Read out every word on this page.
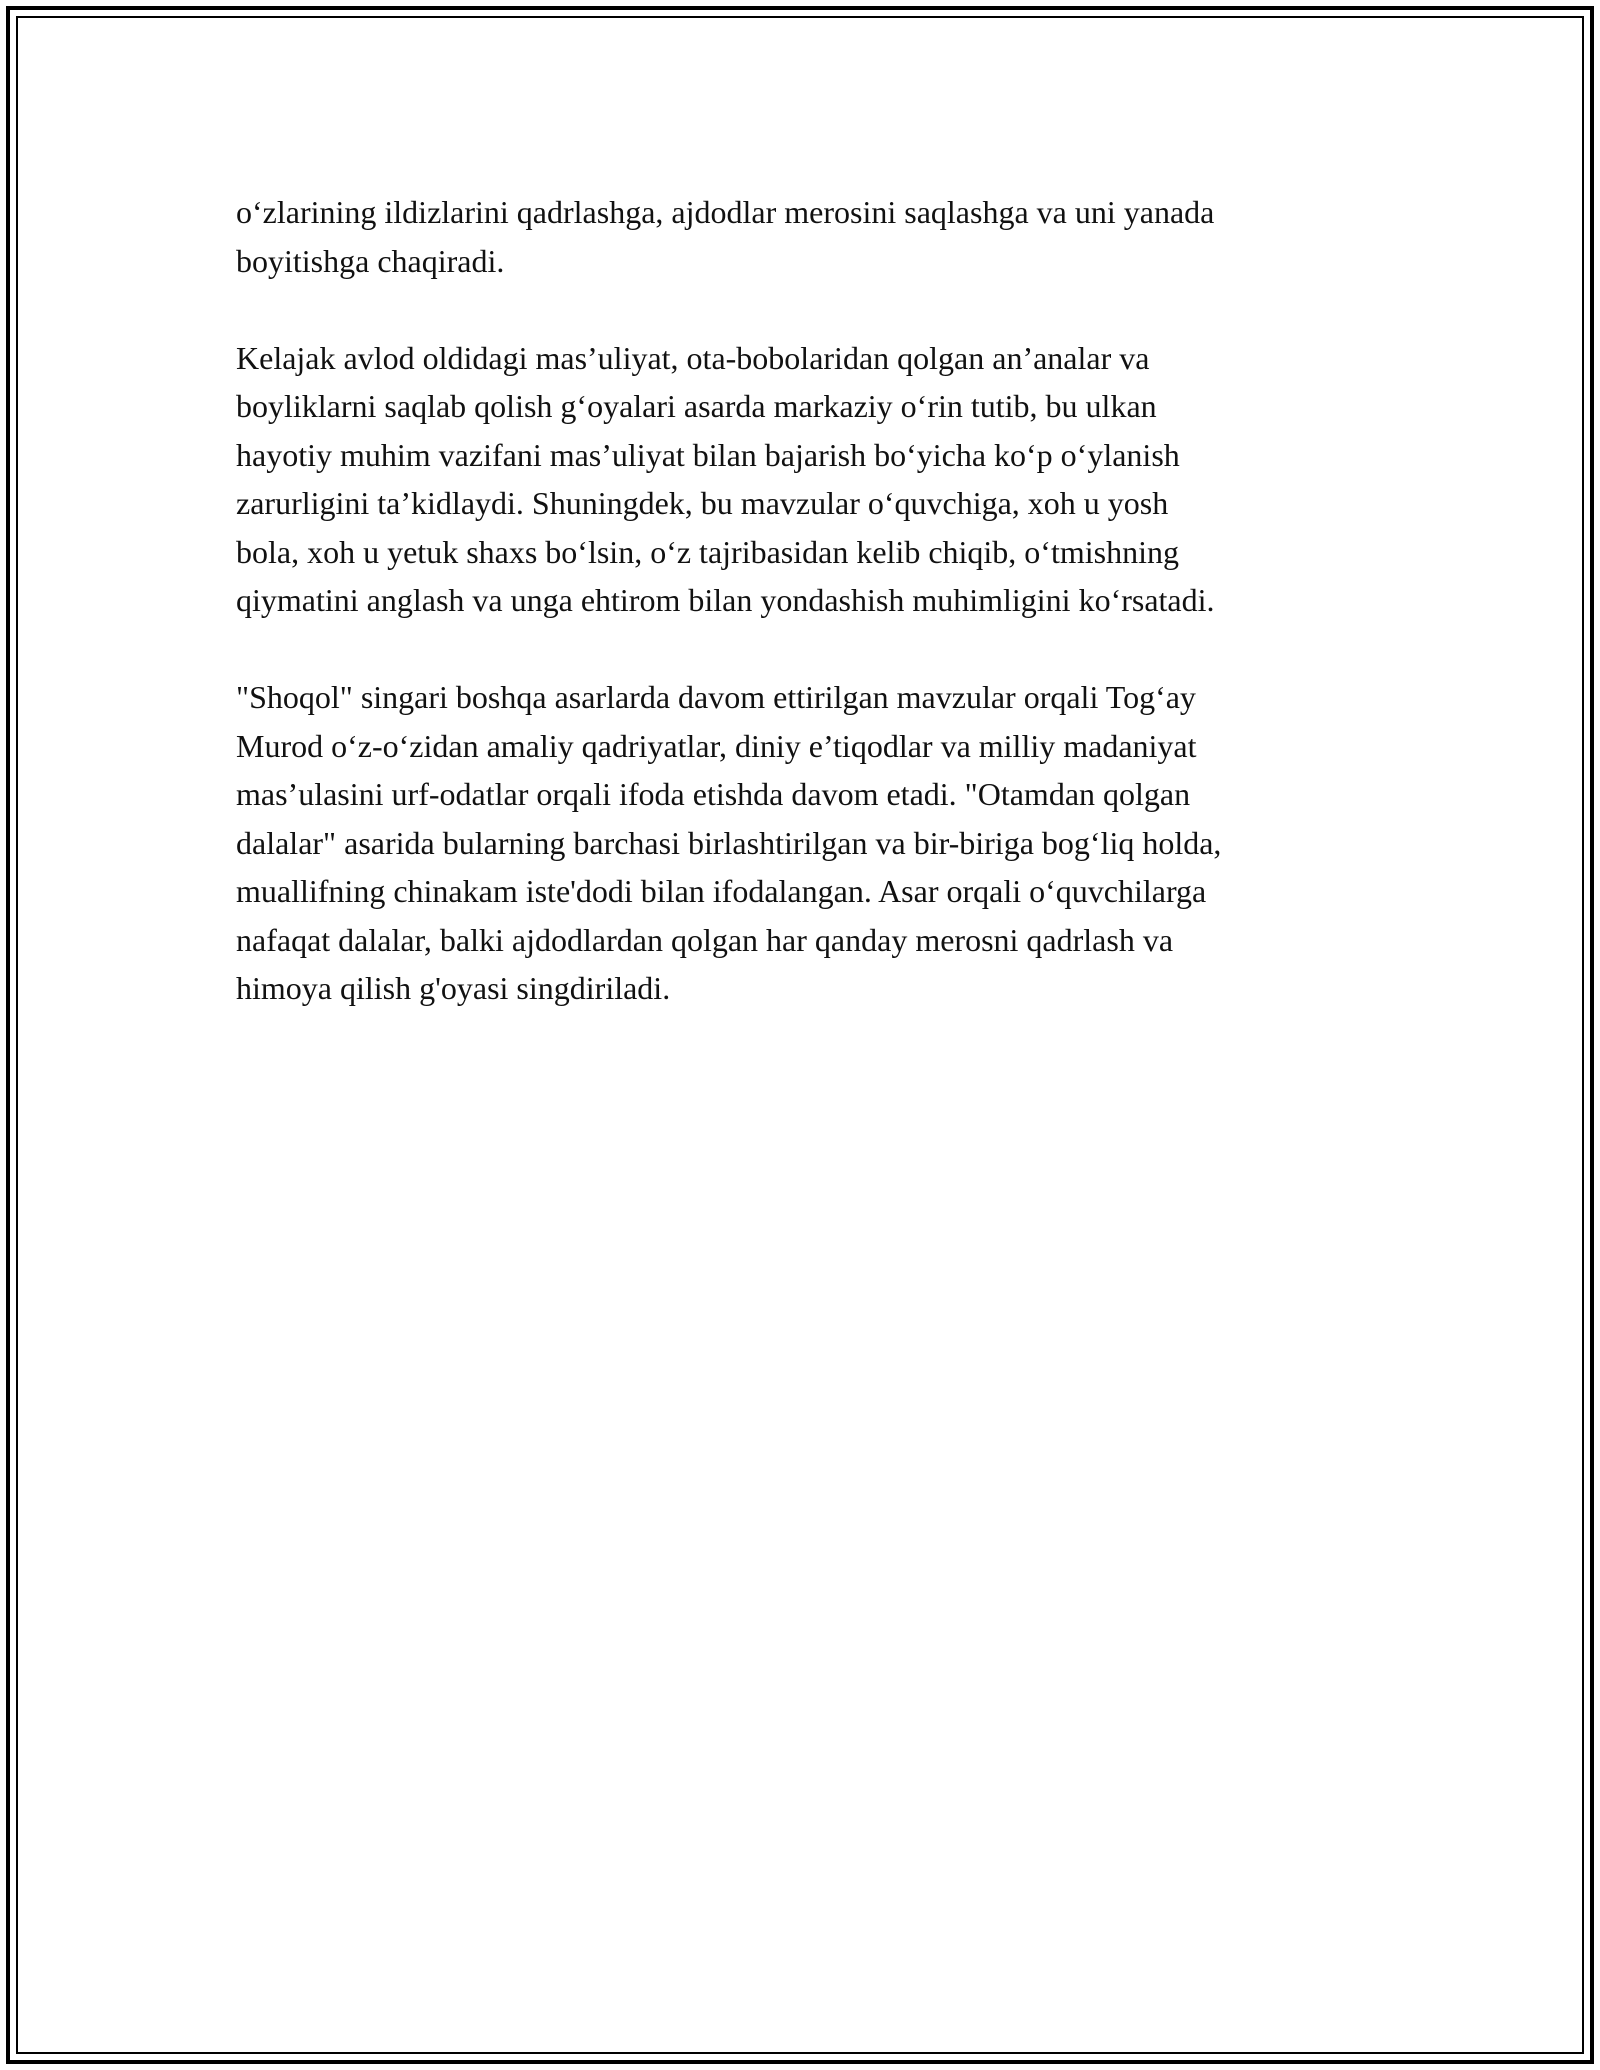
o‘zlarining ildizlarini qadrlashga, ajdodlar merosini saqlashga va uni yanada
boyitishga chaqiradi.

Kelajak avlod oldidagi mas’uliyat, ota-bobolaridan qolgan an’analar va
boyliklarni saqlab qolish g‘oyalari asarda markaziy o‘rin tutib, bu ulkan
hayotiy muhim vazifani mas’uliyat bilan bajarish bo‘yicha ko‘p o‘ylanish
zarurligini ta’kidlaydi. Shuningdek, bu mavzular o‘quvchiga, xoh u yosh
bola, xoh u yetuk shaxs bo‘lsin, o‘z tajribasidan kelib chiqib, o‘tmishning
qiymatini anglash va unga ehtirom bilan yondashish muhimligini ko‘rsatadi.

"Shoqol" singari boshqa asarlarda davom ettirilgan mavzular orqali Tog‘ay
Murod o‘z-o‘zidan amaliy qadriyatlar, diniy e’tiqodlar va milliy madaniyat
mas’ulasini urf-odatlar orqali ifoda etishda davom etadi. "Otamdan qolgan
dalalar" asarida bularning barchasi birlashtirilgan va bir-biriga bog‘liq holda,
muallifning chinakam iste'dodi bilan ifodalangan. Asar orqali o‘quvchilarga
nafaqat dalalar, balki ajdodlardan qolgan har qanday merosni qadrlash va
himoya qilish g'oyasi singdiriladi.
